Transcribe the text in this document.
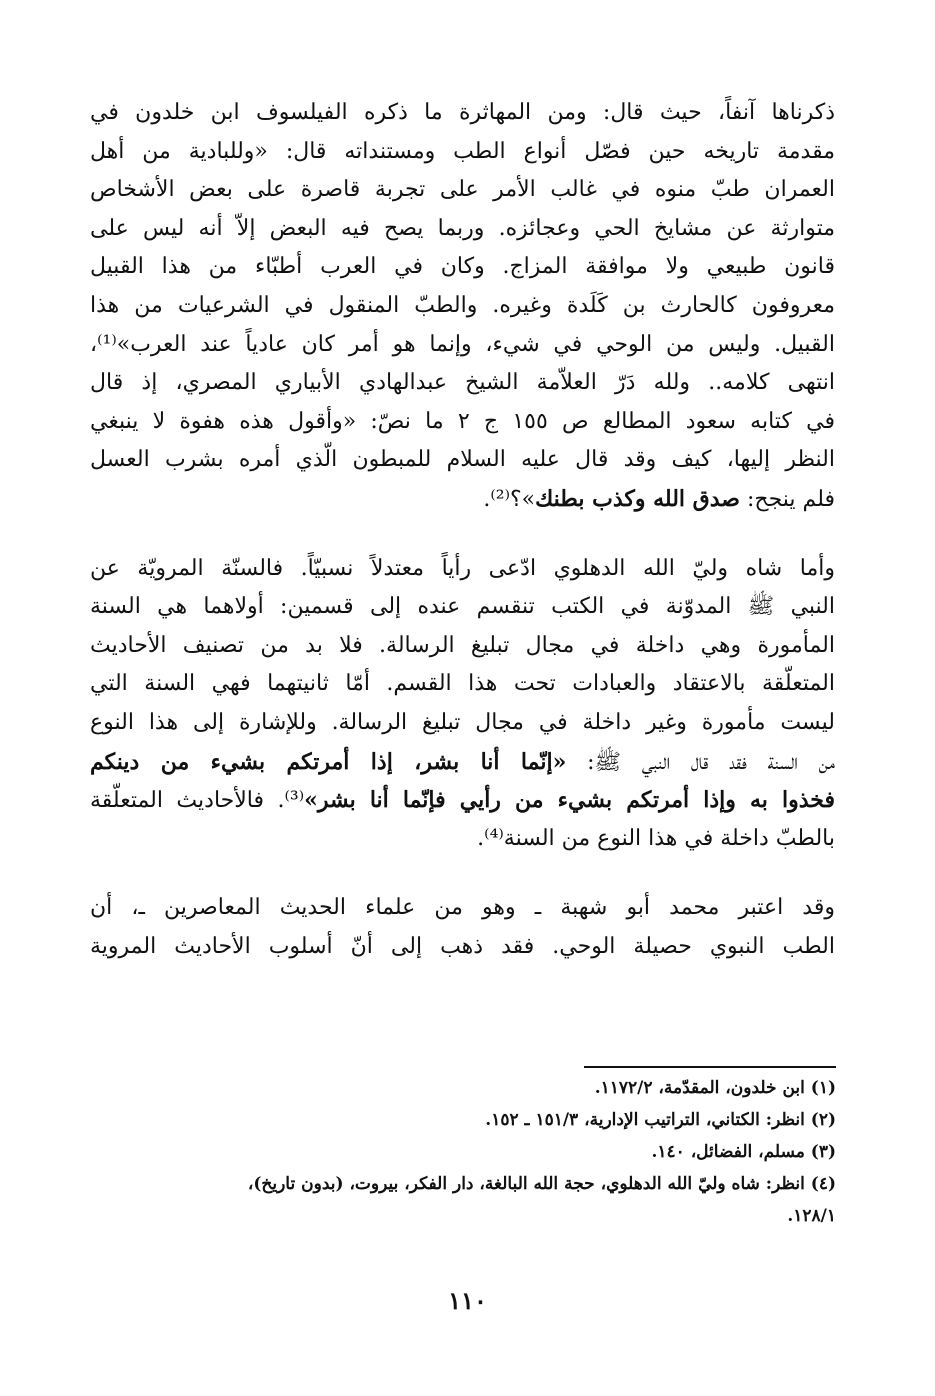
ذكرناها آنفاً، حيث قال: ومن المهاثرة ما ذكره الفيلسوف ابن خلدون في
مقدمة تاريخه حين فصّل أنواع الطب ومستنداته قال: «وللبادية من أهل
العمران طبّ منوه في غالب الأمر على تجربة قاصرة على بعض الأشخاص
متوارثة عن مشايخ الحي وعجائزه. وربما يصح فيه البعض إلاّ أنه ليس على
قانون طبيعي ولا موافقة المزاج. وكان في العرب أطبّاء من هذا القبيل
معروفون كالحارث بن كَلَدة وغيره. والطبّ المنقول في الشرعيات من هذا
القبيل. وليس من الوحي في شيء، وإنما هو أمر كان عادياً عند العرب»⁽¹⁾،
انتهى كلامه.. ولله دَرّ العلاّمة الشيخ عبدالهادي الأبياري المصري، إذ قال
في كتابه سعود المطالع ص ١٥٥ ج ٢ ما نصّ: «وأقول هذه هفوة لا ينبغي
النظر إليها، كيف وقد قال عليه السلام للمبطون الّذي أمره بشرب العسل
فلم ينجح: صدق الله وكذب بطنك»؟⁽²⁾.
وأما شاه وليّ الله الدهلوي ادّعى رأياً معتدلاً نسبيّاً. فالسنّة المرويّة عن
النبي ﷺ المدوّنة في الكتب تنقسم عنده إلى قسمين: أولاهما هي السنة
المأمورة وهي داخلة في مجال تبليغ الرسالة. فلا بد من تصنيف الأحاديث
المتعلّقة بالاعتقاد والعبادات تحت هذا القسم. أمّا ثانيتهما فهي السنة التي
ليست مأمورة وغير داخلة في مجال تبليغ الرسالة. وللإشارة إلى هذا النوع
من السنة فقد قال النبي ﷺ: «إنّما أنا بشر، إذا أمرتكم بشيء من دينكم
فخذوا به وإذا أمرتكم بشيء من رأيي فإنّما أنا بشر»⁽³⁾. فالأحاديث المتعلّقة
بالطبّ داخلة في هذا النوع من السنة⁽⁴⁾.
وقد اعتبر محمد أبو شهبة ـ وهو من علماء الحديث المعاصرين ـ، أن
الطب النبوي حصيلة الوحي. فقد ذهب إلى أنّ أسلوب الأحاديث المروية
(١) ابن خلدون، المقدّمة، ١١٧٢/٢.
(٢) انظر: الكتاني، التراتيب الإدارية، ١٥١/٣ ـ ١٥٢.
(٣) مسلم، الفضائل، ١٤٠.
(٤) انظر: شاه وليّ الله الدهلوي، حجة الله البالغة، دار الفكر، بيروت، (بدون تاريخ)،
١٢٨/١.
١١٠
